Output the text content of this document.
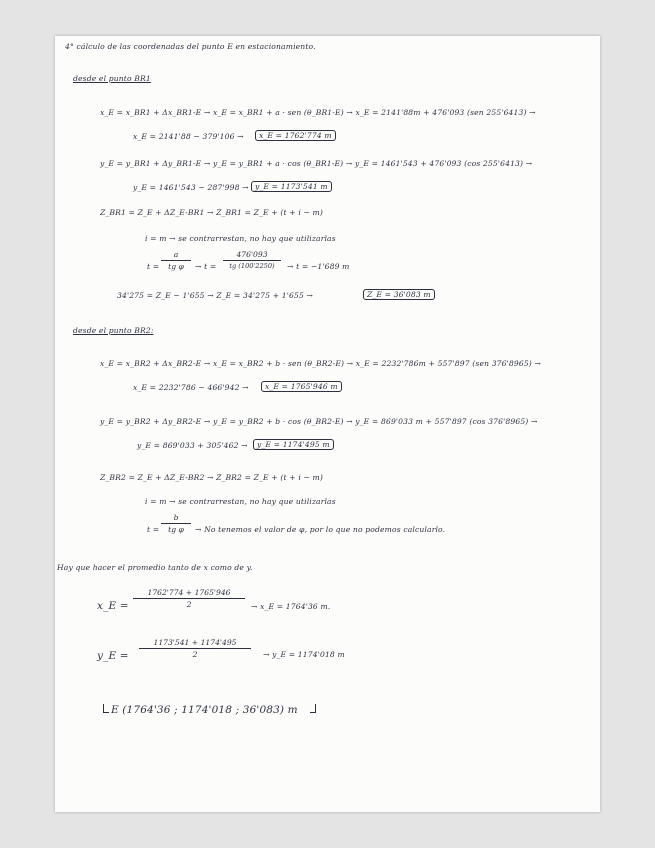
4° cálculo de las coordenadas del punto E en estacionamiento.
desde el punto BR1
x_E = x_BR1 + Δx_BR1-E → x_E = x_BR1 + a · sen (θ_BR1-E) → x_E = 2141'88m + 476'093 (sen 255'6413) →
x_E = 2141'88 − 379'106 →	x_E = 1762'774 m
y_E = y_BR1 + Δy_BR1-E → y_E = y_BR1 + a · cos (θ_BR1-E) → y_E = 1461'543 + 476'093 (cos 255'6413) →
y_E = 1461'543 − 287'998 → y_E = 1173'541 m
Z_BR1 = Z_E + ΔZ_E-BR1 → Z_BR1 = Z_E + (t + i − m)
i = m → se contrarrestan, no hay que utilizarlas
t =
a
tg φ	→ t =
476'093
tg (100'2250)	→ t = −1'689 m
34'275 = Z_E − 1'655 → Z_E = 34'275 + 1'655 →	Z_E = 36'083 m
desde el punto BR2:
x_E = x_BR2 + Δx_BR2-E → x_E = x_BR2 + b · sen (θ_BR2-E) → x_E = 2232'786m + 557'897 (sen 376'8965) →
x_E = 2232'786 − 466'942 →	x_E = 1765'946 m
y_E = y_BR2 + Δy_BR2-E → y_E = y_BR2 + b · cos (θ_BR2-E) → y_E = 869'033 m + 557'897 (cos 376'8965) →
y_E = 869'033 + 305'462 →	y_E = 1174'495 m
Z_BR2 = Z_E + ΔZ_E-BR2 → Z_BR2 = Z_E + (t + i − m)
i = m → se contrarrestan, no hay que utilizarlas
t =
b
tg φ	→ No tenemos el valor de φ, por lo que no podemos calcularlo.
Hay que hacer el promedio tanto de x como de y.
x_E =
1762'774 + 1765'946
2	→ x_E = 1764'36 m.
y_E =
1173'541 + 1174'495
2	→ y_E = 1174'018 m
E (1764'36 ; 1174'018 ; 36'083) m
